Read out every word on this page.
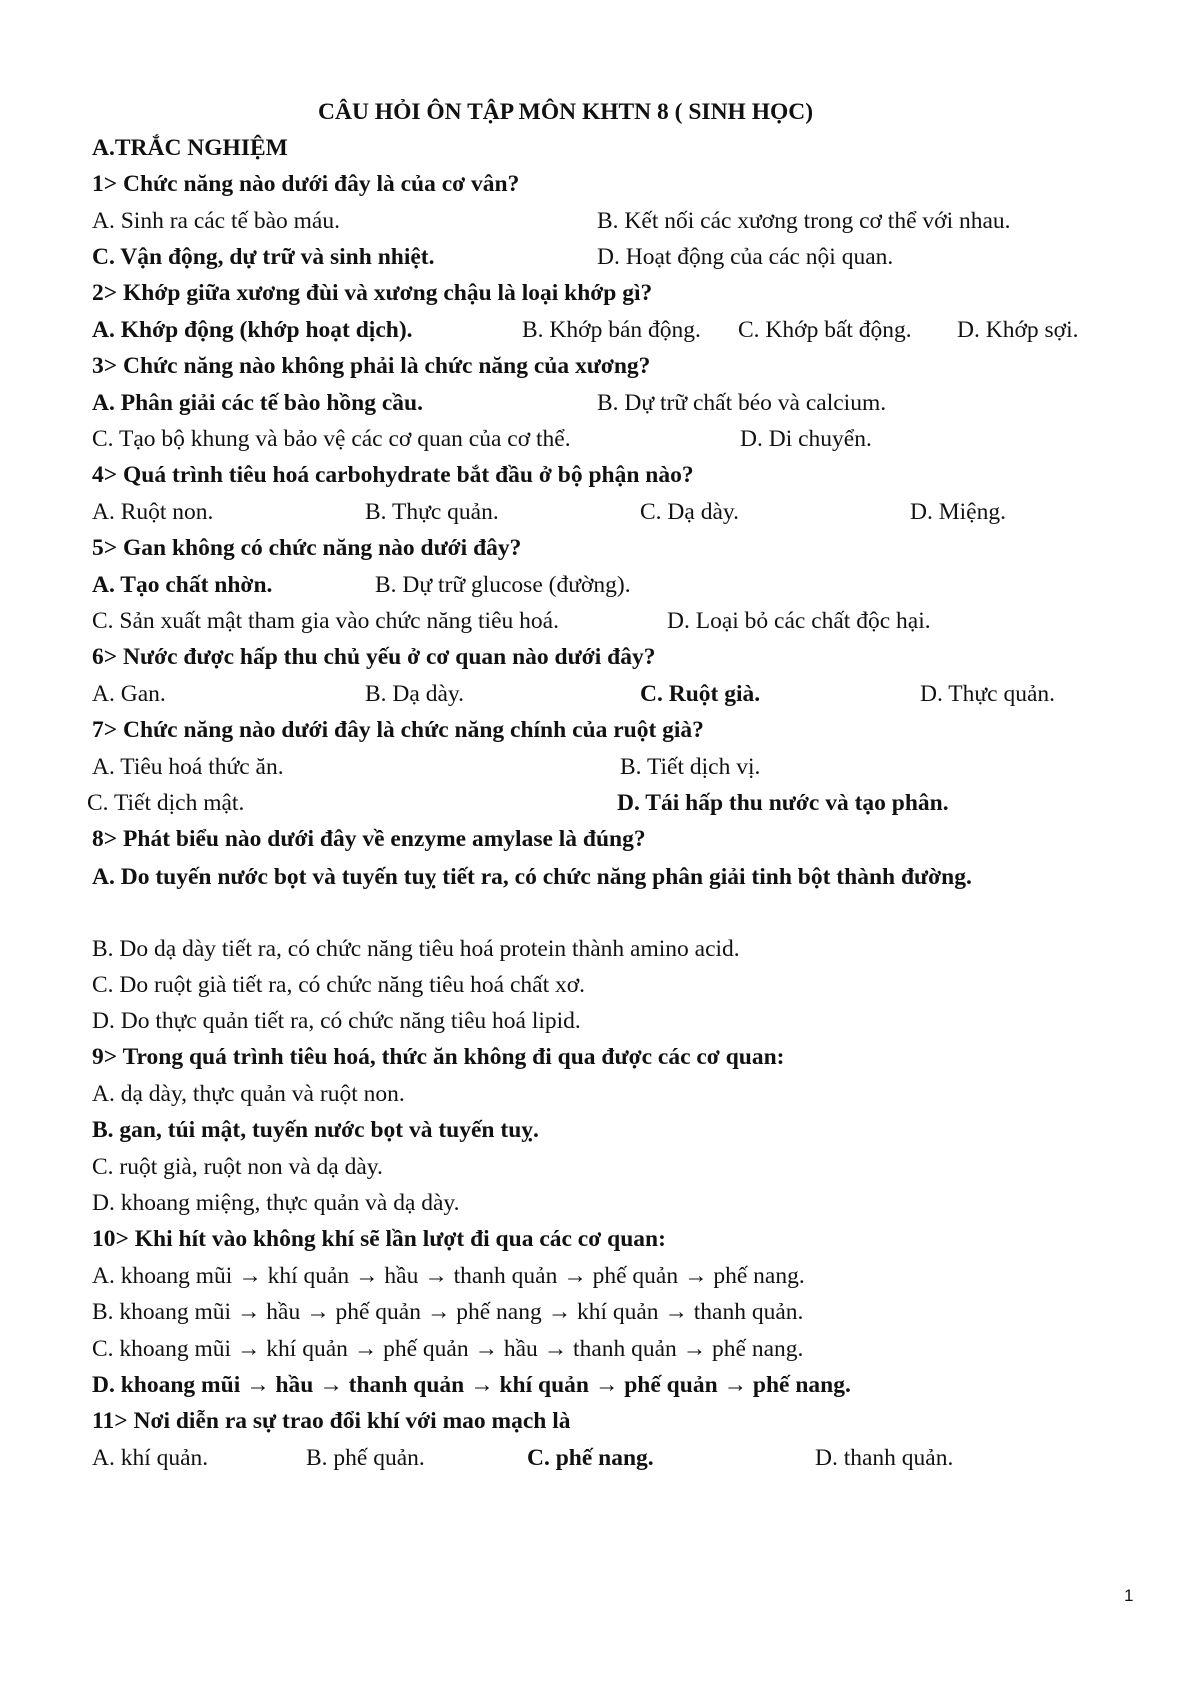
CÂU HỎI ÔN TẬP MÔN KHTN 8 ( SINH HỌC)
A.TRẮC NGHIỆM
1> Chức năng nào dưới đây là của cơ vân?
A. Sinh ra các tế bào máu.	B. Kết nối các xương trong cơ thể với nhau.
C. Vận động, dự trữ và sinh nhiệt.	D. Hoạt động của các nội quan.
2> Khớp giữa xương đùi và xương chậu là loại khớp gì?
A. Khớp động (khớp hoạt dịch).	B. Khớp bán động. C. Khớp bất động. D. Khớp sợi.
3> Chức năng nào không phải là chức năng của xương?
A. Phân giải các tế bào hồng cầu.	B. Dự trữ chất béo và calcium.
C. Tạo bộ khung và bảo vệ các cơ quan của cơ thể.	D. Di chuyển.
4> Quá trình tiêu hoá carbohydrate bắt đầu ở bộ phận nào?
A. Ruột non.	B. Thực quản.	C. Dạ dày.	D. Miệng.
5> Gan không có chức năng nào dưới đây?
A. Tạo chất nhờn.	B. Dự trữ glucose (đường).
C. Sản xuất mật tham gia vào chức năng tiêu hoá.	D. Loại bỏ các chất độc hại.
6> Nước được hấp thu chủ yếu ở cơ quan nào dưới đây?
A. Gan.	B. Dạ dày.	C. Ruột già.	D. Thực quản.
7> Chức năng nào dưới đây là chức năng chính của ruột già?
A. Tiêu hoá thức ăn.	B. Tiết dịch vị.
C. Tiết dịch mật.	D. Tái hấp thu nước và tạo phân.
8> Phát biểu nào dưới đây về enzyme amylase là đúng?
A. Do tuyến nước bọt và tuyến tuỵ tiết ra, có chức năng phân giải tinh bột thành đường.
B. Do dạ dày tiết ra, có chức năng tiêu hoá protein thành amino acid.
C. Do ruột già tiết ra, có chức năng tiêu hoá chất xơ.
D. Do thực quản tiết ra, có chức năng tiêu hoá lipid.
9> Trong quá trình tiêu hoá, thức ăn không đi qua được các cơ quan:
A. dạ dày, thực quản và ruột non.
B. gan, túi mật, tuyến nước bọt và tuyến tuỵ.
C. ruột già, ruột non và dạ dày.
D. khoang miệng, thực quản và dạ dày.
10> Khi hít vào không khí sẽ lần lượt đi qua các cơ quan:
A. khoang mũi → khí quản → hầu → thanh quản → phế quản → phế nang.
B. khoang mũi → hầu → phế quản → phế nang → khí quản → thanh quản.
C. khoang mũi → khí quản → phế quản → hầu → thanh quản → phế nang.
D. khoang mũi → hầu → thanh quản → khí quản → phế quản → phế nang.
11> Nơi diễn ra sự trao đổi khí với mao mạch là
A. khí quản.	B. phế quản.	C. phế nang.	D. thanh quản.
1
